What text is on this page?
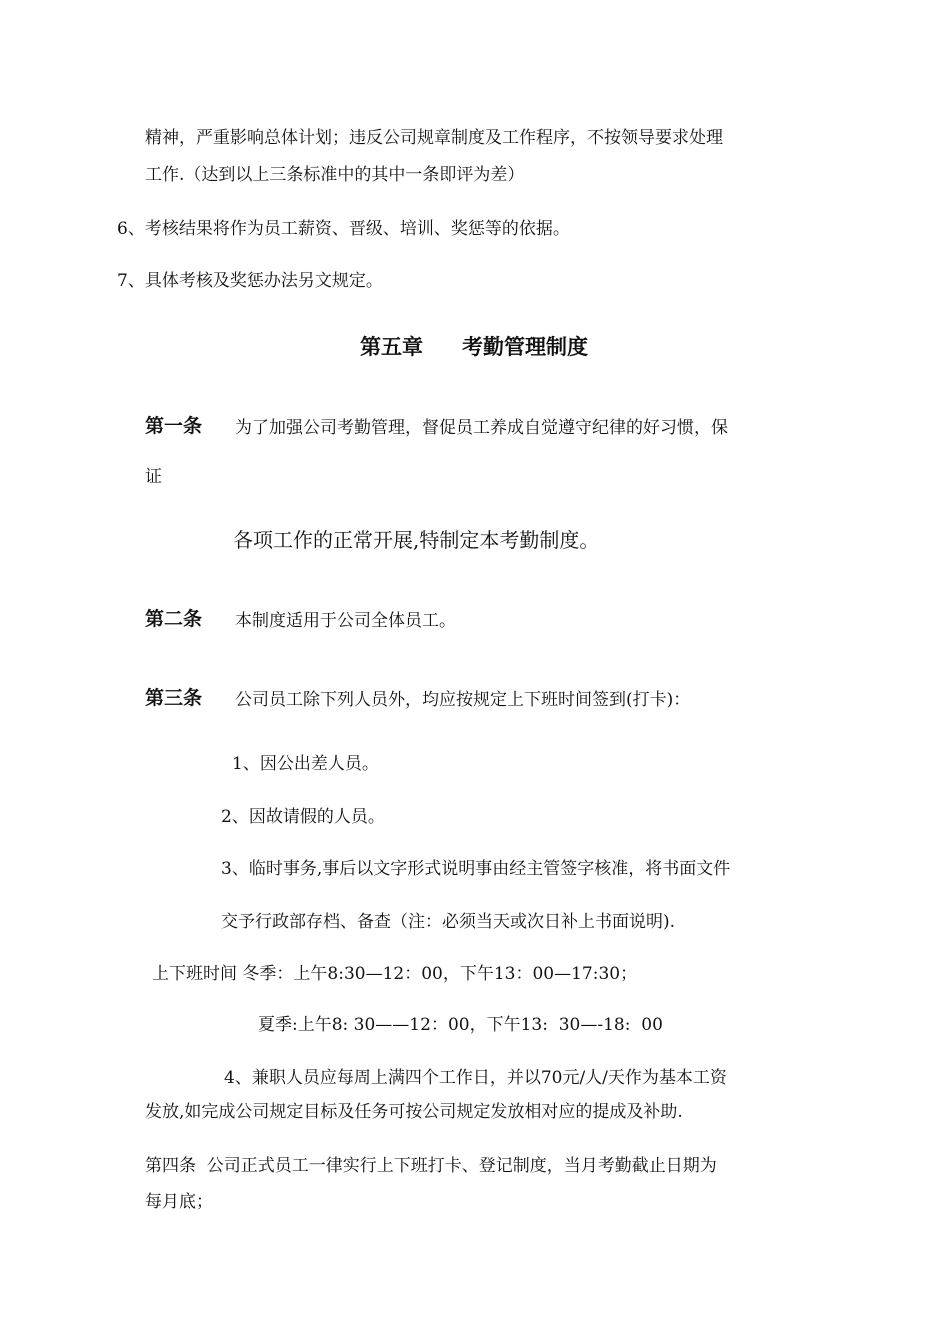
精神，严重影响总体计划；违反公司规章制度及工作程序，不按领导要求处理
工作.（达到以上三条标准中的其中一条即评为差）
6、考核结果将作为员工薪资、晋级、培训、奖惩等的依据。
7、具体考核及奖惩办法另文规定。
第五章 考勤管理制度
第一条 为了加强公司考勤管理，督促员工养成自觉遵守纪律的好习惯，保
证
各项工作的正常开展,特制定本考勤制度。
第二条 本制度适用于公司全体员工。
第三条 公司员工除下列人员外，均应按规定上下班时间签到(打卡)：
1、因公出差人员。
2、因故请假的人员。
3、临时事务,事后以文字形式说明事由经主管签字核准，将书面文件
交予行政部存档、备查（注：必须当天或次日补上书面说明).
上下班时间 冬季：上午8:30—12：00，下午13：00—17:30；
夏季:上午8: 30——12：00，下午13:  30—-18:  00
4、兼职人员应每周上满四个工作日，并以70元/人/天作为基本工资
发放,如完成公司规定目标及任务可按公司规定发放相对应的提成及补助.
第四条  公司正式员工一律实行上下班打卡、登记制度，当月考勤截止日期为
每月底；
